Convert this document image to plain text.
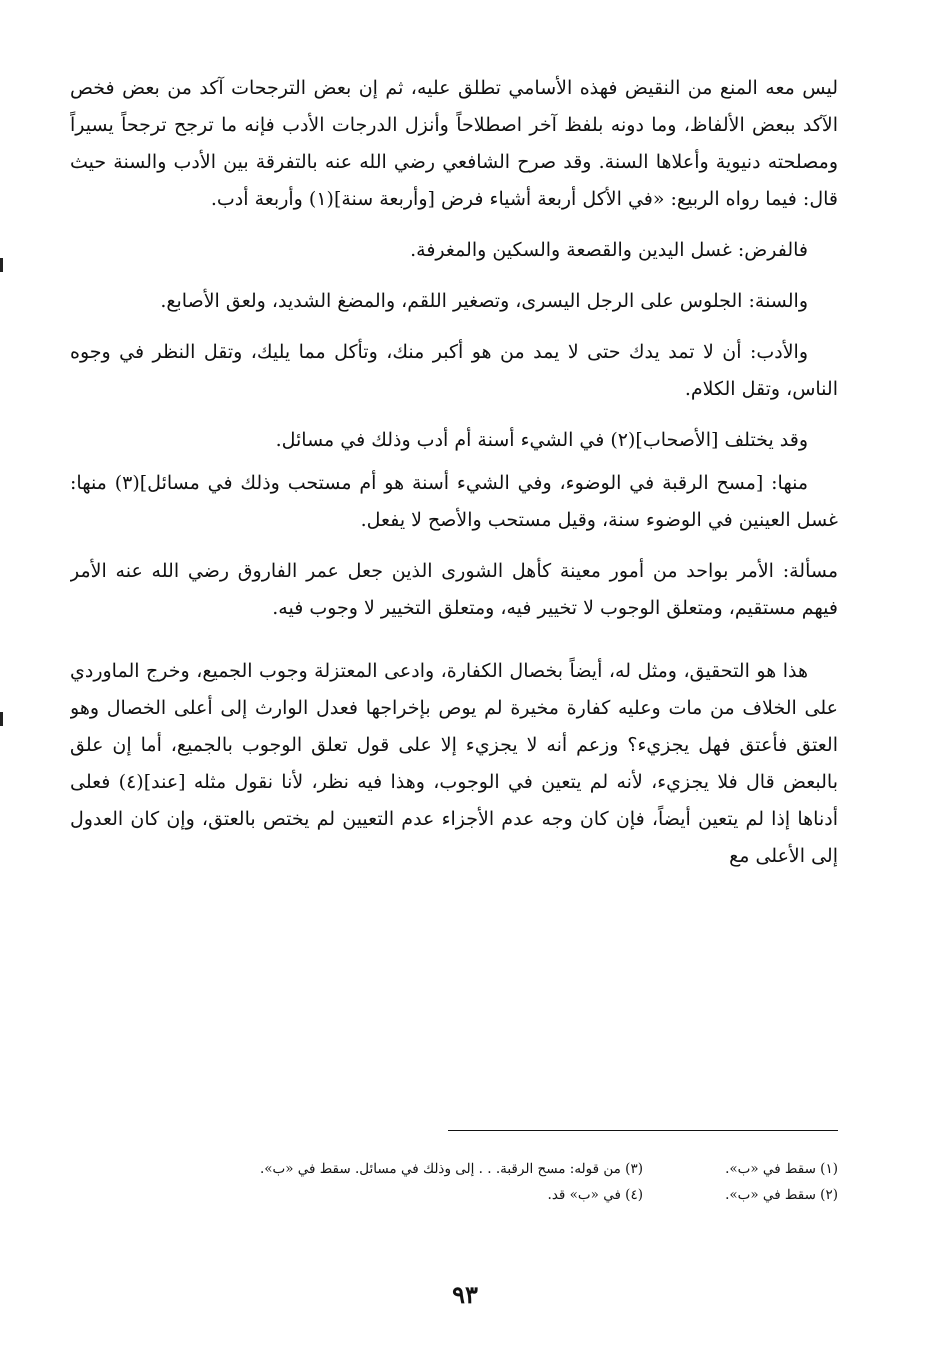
ليس معه المنع من النقيض فهذه الأسامي تطلق عليه، ثم إن بعض الترجحات آكد من بعض فخص الآكد ببعض الألفاظ، وما دونه بلفظ آخر اصطلاحاً وأنزل الدرجات الأدب فإنه ما ترجح ترجحاً يسيراً ومصلحته دنيوية وأعلاها السنة. وقد صرح الشافعي رضي الله عنه بالتفرقة بين الأدب والسنة حيث قال: فيما رواه الربيع: «في الأكل أربعة أشياء فرض [وأربعة سنة](١) وأربعة أدب.

فالفرض: غسل اليدين والقصعة والسكين والمغرفة.

والسنة: الجلوس على الرجل اليسرى، وتصغير اللقم، والمضغ الشديد، ولعق الأصابع.

والأدب: أن لا تمد يدك حتى لا يمد من هو أكبر منك، وتأكل مما يليك، وتقل النظر في وجوه الناس، وتقل الكلام.

وقد يختلف [الأصحاب](٢) في الشيء أسنة أم أدب وذلك في مسائل.

منها: [مسح الرقبة في الوضوء، وفي الشيء أسنة هو أم مستحب وذلك في مسائل](٣) منها: غسل العينين في الوضوء سنة، وقيل مستحب والأصح لا يفعل.

مسألة: الأمر بواحد من أمور معينة كأهل الشورى الذين جعل عمر الفاروق رضي الله عنه الأمر فيهم مستقيم، ومتعلق الوجوب لا تخيير فيه، ومتعلق التخيير لا وجوب فيه.

هذا هو التحقيق، ومثل له، أيضاً بخصال الكفارة، وادعى المعتزلة وجوب الجميع، وخرج الماوردي على الخلاف من مات وعليه كفارة مخيرة لم يوص بإخراجها فعدل الوارث إلى أعلى الخصال وهو العتق فأعتق فهل يجزيء؟ وزعم أنه لا يجزيء إلا على قول تعلق الوجوب بالجميع، أما إن علق بالبعض قال فلا يجزيء، لأنه لم يتعين في الوجوب، وهذا فيه نظر، لأنا نقول مثله [عند](٤) فعلى أدناها إذا لم يتعين أيضاً، فإن كان وجه عدم الأجزاء عدم التعيين لم يختص بالعتق، وإن كان العدول إلى الأعلى مع

(١) سقط في «ب».
(٢) سقط في «ب».
(٣) من قوله: مسح الرقبة. . . إلى وذلك في مسائل. سقط في «ب».
(٤) في «ب» قد.
٩٣
